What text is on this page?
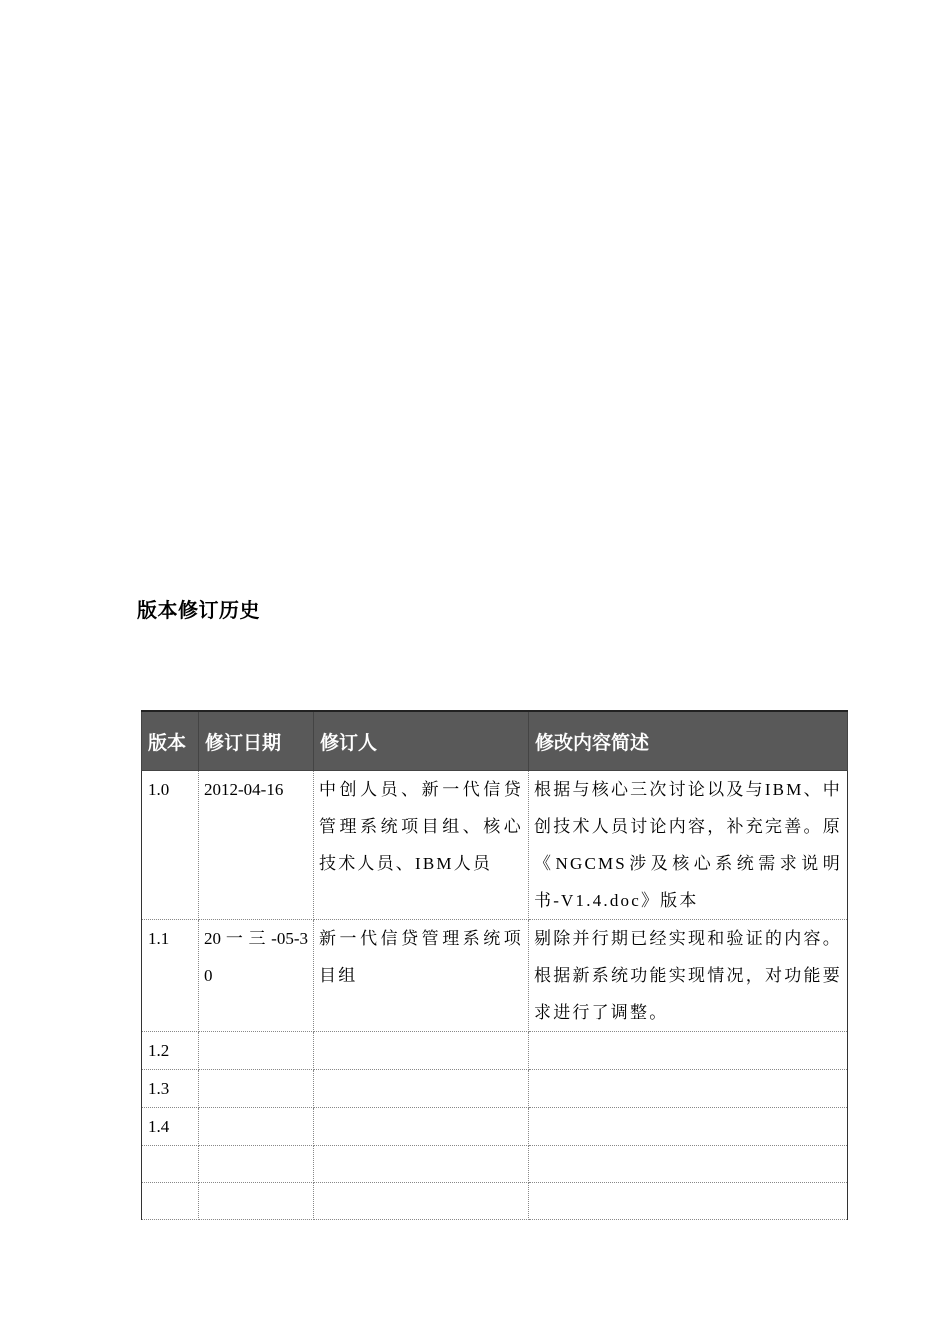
版本修订历史
版本	修订日期	修订人	修改内容简述
1.0	2012-04-16	中创人员、新一代信贷管理系统项目组、核心技术人员、IBM人员	根据与核心三次讨论以及与IBM、中创技术人员讨论内容，补充完善。原《NGCMS涉及核心系统需求说明书-V1.4.doc》版本
1.1	20 一 三 -05-30	新一代信贷管理系统项目组	剔除并行期已经实现和验证的内容。根据新系统功能实现情况，对功能要求进行了调整。
1.2			
1.3			
1.4			
